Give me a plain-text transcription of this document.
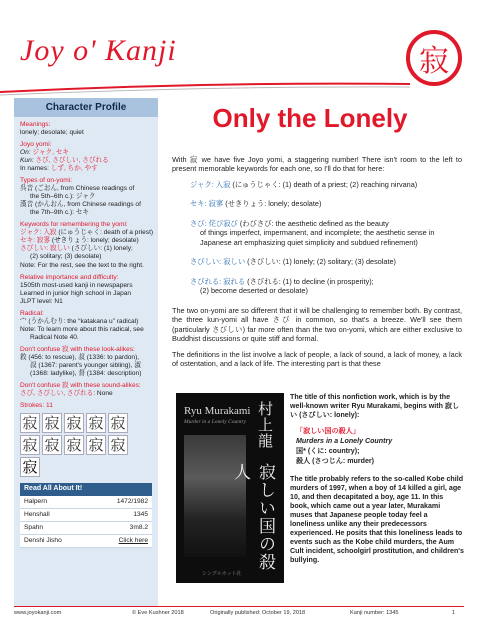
Joy o' Kanji	寂
Character Profile
Meanings:
lonely; desolate; quiet
Joyo yomi:
On: ジャク, セキ
Kun: さび, さびしい, さびれる
In names: しず, ちか, やす
Types of on-yomi:
呉音 (ごおん, from Chinese readings of
the 5th–6th c.): ジャク
漢音 (かんおん, from Chinese readings of
the 7th–9th c.): セキ
Keywords for remembering the yomi:
ジャク: 入寂 (にゅうじゃく: death of a priest)
セキ: 寂寥 (せきりょう: lonely; desolate)
さびしい: 寂しい (さびしい: (1) lonely;
(2) solitary; (3) desolate)
Note: For the rest, see the text to the right.
Relative importance and difficulty:
1505th most-used kanji in newspapers
Learned in junior high school in Japan
JLPT level: N1
Radical:
宀 (うかんむり: the “katakana u” radical)
Note: To learn more about this radical, see
Radical Note 40.
Don't confuse 寂 with these look-alikes:
救 (456: to rescue), 叔 (1336: to pardon),
叔 (1367: parent's younger sibling), 淑
(1368: ladylike), 督 (1384: description)
Don't confuse 寂 with these sound-alikes:
さび, さびしい, さびれる: None
Strokes: 11
寂 寂 寂 寂 寂
寂 寂 寂 寂 寂
寂
Read All About It!	
Halpern	1472/1982
Henshall	1345
Spahn	3m8.2
Denshi Jisho	Click here
Only the Lonely

With 寂 we have five Joyo yomi, a staggering number! There isn't room to the left to present memorable keywords for each one, so I'll do that for here:

ジャク: 入寂 (にゅうじゃく: (1) death of a priest; (2) reaching nirvana)
セキ: 寂寥 (せきりょう: lonely; desolate)
さび: 侘び寂び (わびさび: the aesthetic defined as the beauty
of things imperfect, impermanent, and incomplete; the aesthetic sense in Japanese art emphasizing quiet simplicity and subdued refinement)
さびしい: 寂しい (さびしい: (1) lonely; (2) solitary; (3) desolate)
さびれる: 寂れる (さびれる: (1) to decline (in prosperity);
(2) become deserted or desolate)

The two on-yomi are so different that it will be challenging to remember both. By contrast, the three kun-yomi all have さび in common, so that's a breeze. We'll see them (particularly さびしい) far more often than the two on-yomi, which are either exclusive to Buddhist discussions or quite stiff and formal.

The definitions in the list involve a lack of people, a lack of sound, a lack of money, a lack of ostentation, and a lack of life. The interesting part is that these

Ryu Murakami
Murder in a Lonely Country 村上龍
寂しい国の殺人
シングルカット社

The title of this nonfiction work, which is by the well-known writer Ryu Murakami, begins with 寂しい (さびしい: lonely):

「寂しい国の殺人」
Murders in a Lonely Country
国* (くに: country);
殺人 (さつじん: murder)

The title probably refers to the so-called Kobe child murders of 1997, when a boy of 14 killed a girl, age 10, and then decapitated a boy, age 11. In this book, which came out a year later, Murakami muses that Japanese people today feel a loneliness unlike any their predecessors experienced. He posits that this loneliness leads to events such as the Kobe child murders, the Aum Cult incident, schoolgirl prostitution, and children's bullying.

www.joyokanji.com	© Eve Kushner 2018	Originally published: October 19, 2018	Kanji number: 1345	1
